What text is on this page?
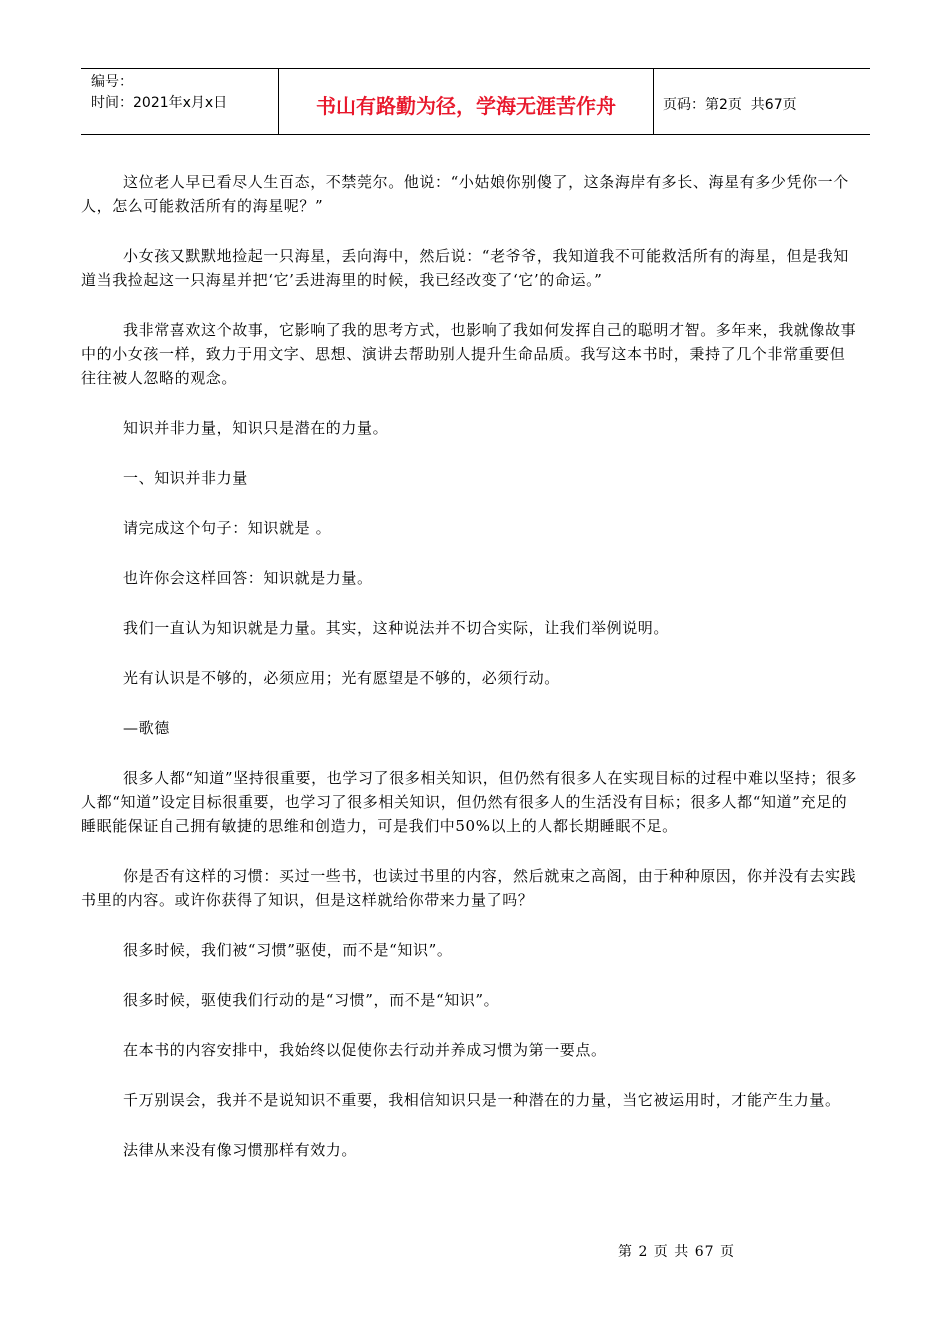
编号：
时间：2021年x月x日	书山有路勤为径，学海无涯苦作舟	页码：第2页  共67页

这位老人早已看尽人生百态，不禁莞尔。他说：“小姑娘你别傻了，这条海岸有多长、海星有多少凭你一个人，怎么可能救活所有的海星呢？”

小女孩又默默地捡起一只海星，丢向海中，然后说：“老爷爷，我知道我不可能救活所有的海星，但是我知道当我捡起这一只海星并把‘它’丢进海里的时候，我已经改变了‘它’的命运。”

我非常喜欢这个故事，它影响了我的思考方式，也影响了我如何发挥自己的聪明才智。多年来，我就像故事中的小女孩一样，致力于用文字、思想、演讲去帮助别人提升生命品质。我写这本书时，秉持了几个非常重要但往往被人忽略的观念。

知识并非力量，知识只是潜在的力量。

一、知识并非力量

请完成这个句子：知识就是 。

也许你会这样回答：知识就是力量。

我们一直认为知识就是力量。其实，这种说法并不切合实际，让我们举例说明。

光有认识是不够的，必须应用；光有愿望是不够的，必须行动。

—歌德

很多人都“知道”坚持很重要，也学习了很多相关知识，但仍然有很多人在实现目标的过程中难以坚持；很多人都“知道”设定目标很重要，也学习了很多相关知识，但仍然有很多人的生活没有目标；很多人都“知道”充足的睡眠能保证自己拥有敏捷的思维和创造力，可是我们中50%以上的人都长期睡眠不足。

你是否有这样的习惯：买过一些书，也读过书里的内容，然后就束之高阁，由于种种原因，你并没有去实践书里的内容。或许你获得了知识，但是这样就给你带来力量了吗？

很多时候，我们被“习惯”驱使，而不是“知识”。

很多时候，驱使我们行动的是“习惯”，而不是“知识”。

在本书的内容安排中，我始终以促使你去行动并养成习惯为第一要点。

千万别误会，我并不是说知识不重要，我相信知识只是一种潜在的力量，当它被运用时，才能产生力量。

法律从来没有像习惯那样有效力。

第 2 页 共 67 页
